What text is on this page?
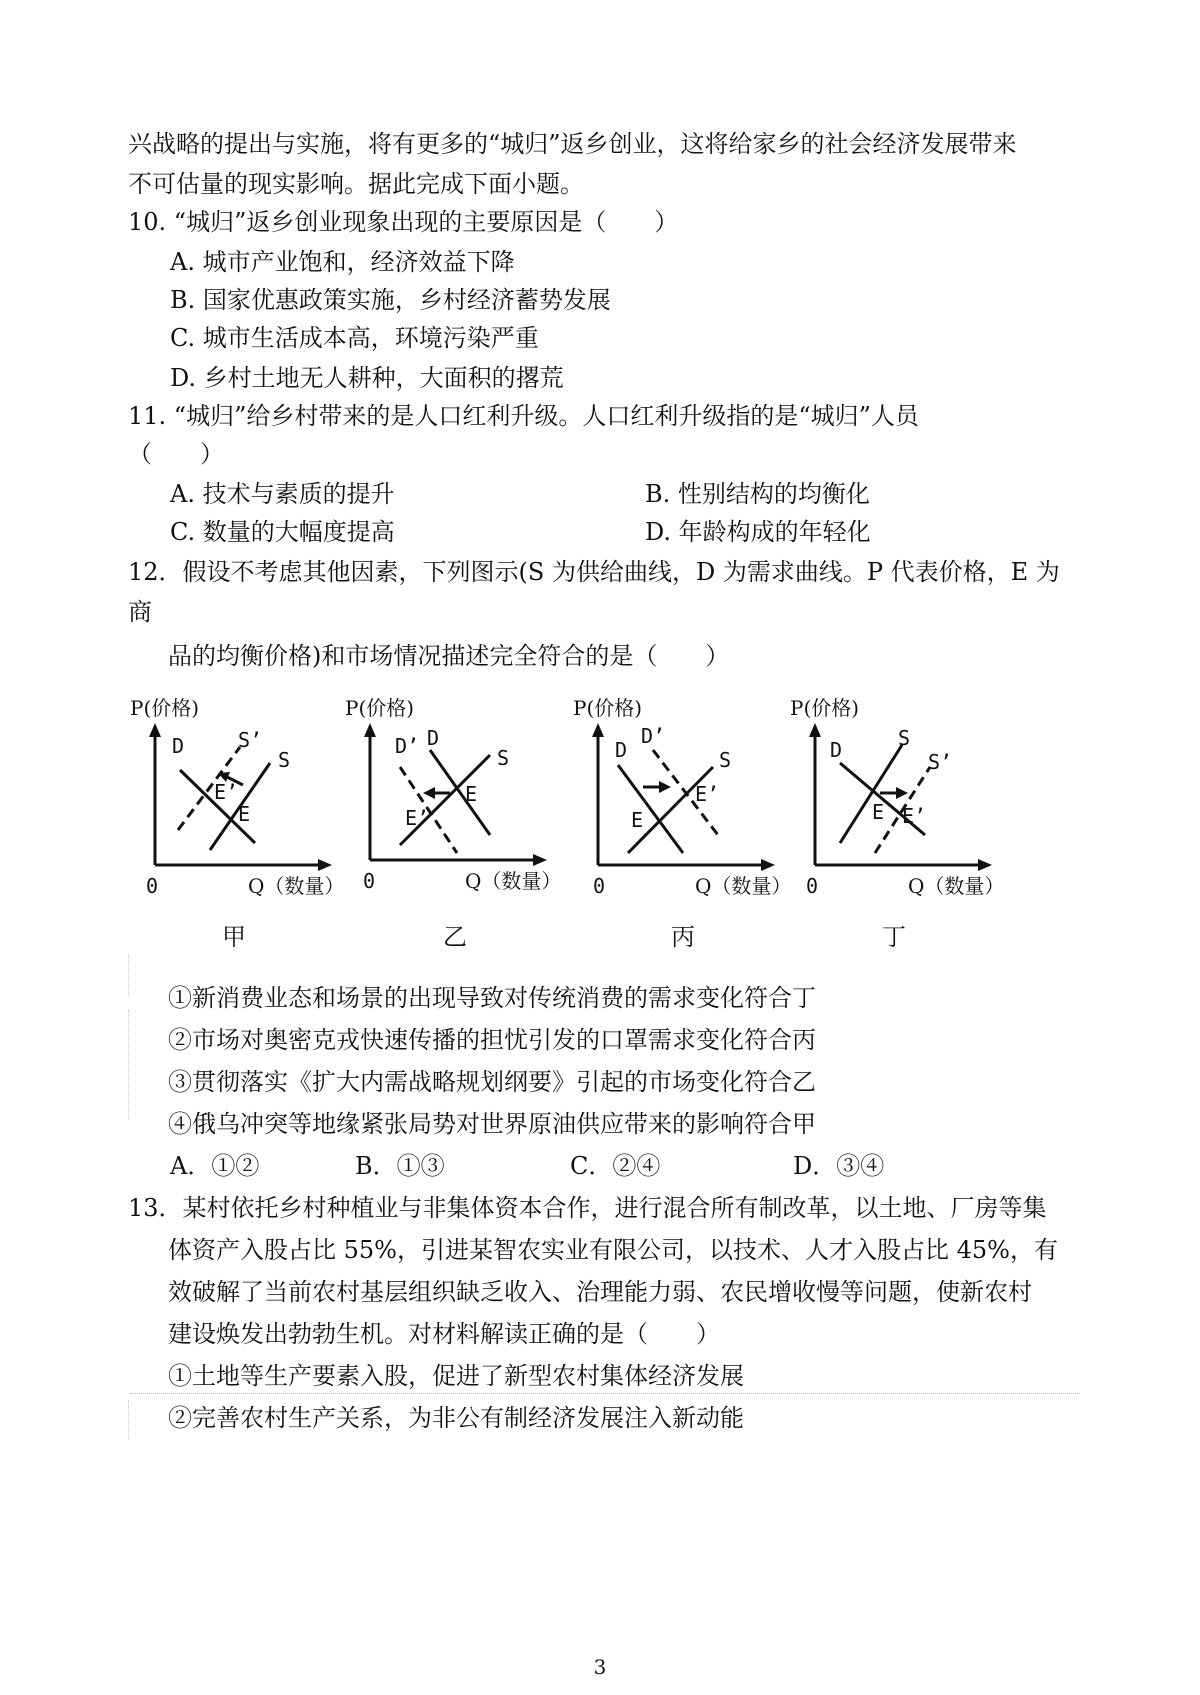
兴战略的提出与实施，将有更多的“城归”返乡创业，这将给家乡的社会经济发展带来
不可估量的现实影响。据此完成下面小题。
10. “城归”返乡创业现象出现的主要原因是（　　）
A. 城市产业饱和，经济效益下降
B. 国家优惠政策实施，乡村经济蓄势发展
C. 城市生活成本高，环境污染严重
D. 乡村土地无人耕种，大面积的撂荒
11. “城归”给乡村带来的是人口红利升级。人口红利升级指的是“城归”人员
（　　）
A. 技术与素质的提升	B. 性别结构的均衡化
C. 数量的大幅度提高	D. 年龄构成的年轻化
12．假设不考虑其他因素，下列图示(S 为供给曲线，D 为需求曲线。P 代表价格，E 为
商
品的均衡价格)和市场情况描述完全符合的是（　　）
P(价格)
0	Q（数量）
D	S’
S
E’
E
甲
P(价格)
0	Q（数量）
D’ D
S
E
E’
乙
P(价格)
0	Q（数量）
D
D’
S
E’
E
丙
P(价格)
0	Q（数量）
D	S
S’
E E’
丁
①新消费业态和场景的出现导致对传统消费的需求变化符合丁
②市场对奥密克戎快速传播的担忧引发的口罩需求变化符合丙
③贯彻落实《扩大内需战略规划纲要》引起的市场变化符合乙
④俄乌冲突等地缘紧张局势对世界原油供应带来的影响符合甲
A．①②	B．①③	C．②④	D．③④
13．某村依托乡村种植业与非集体资本合作，进行混合所有制改革，以土地、厂房等集
体资产入股占比 55%，引进某智农实业有限公司，以技术、人才入股占比 45%，有
效破解了当前农村基层组织缺乏收入、治理能力弱、农民增收慢等问题，使新农村
建设焕发出勃勃生机。对材料解读正确的是（　　）
①土地等生产要素入股，促进了新型农村集体经济发展
②完善农村生产关系，为非公有制经济发展注入新动能
3
